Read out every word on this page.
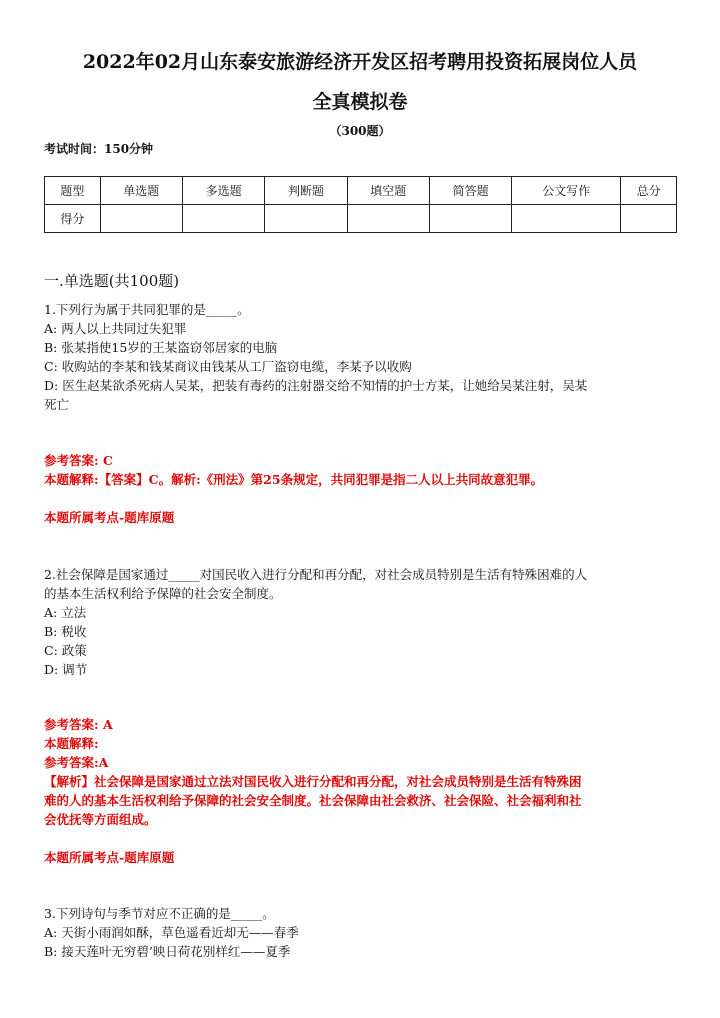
2022年02月山东泰安旅游经济开发区招考聘用投资拓展岗位人员
全真模拟卷
（300题）
考试时间：150分钟
题型	单选题	多选题	判断题	填空题	简答题	公文写作	总分
得分							
一.单选题(共100题)
1.下列行为属于共同犯罪的是_____。
A: 两人以上共同过失犯罪
B: 张某指使15岁的王某盗窃邻居家的电脑
C: 收购站的李某和钱某商议由钱某从工厂盗窃电缆，李某予以收购
D: 医生赵某欲杀死病人吴某，把装有毒药的注射器交给不知情的护士方某，让她给吴某注射，吴某
死亡
参考答案: C
本题解释:【答案】C。解析:《刑法》第25条规定，共同犯罪是指二人以上共同故意犯罪。
本题所属考点-题库原题
2.社会保障是国家通过_____对国民收入进行分配和再分配，对社会成员特别是生活有特殊困难的人
的基本生活权利给予保障的社会安全制度。
A: 立法
B: 税收
C: 政策
D: 调节
参考答案: A
本题解释:
参考答案:A
【解析】社会保障是国家通过立法对国民收入进行分配和再分配，对社会成员特别是生活有特殊困
难的人的基本生活权利给予保障的社会安全制度。社会保障由社会救济、社会保险、社会福利和社
会优抚等方面组成。
本题所属考点-题库原题
3.下列诗句与季节对应不正确的是_____。
A: 天街小雨润如酥，草色遥看近却无——春季
B: 接天莲叶无穷碧’映日荷花别样红——夏季
